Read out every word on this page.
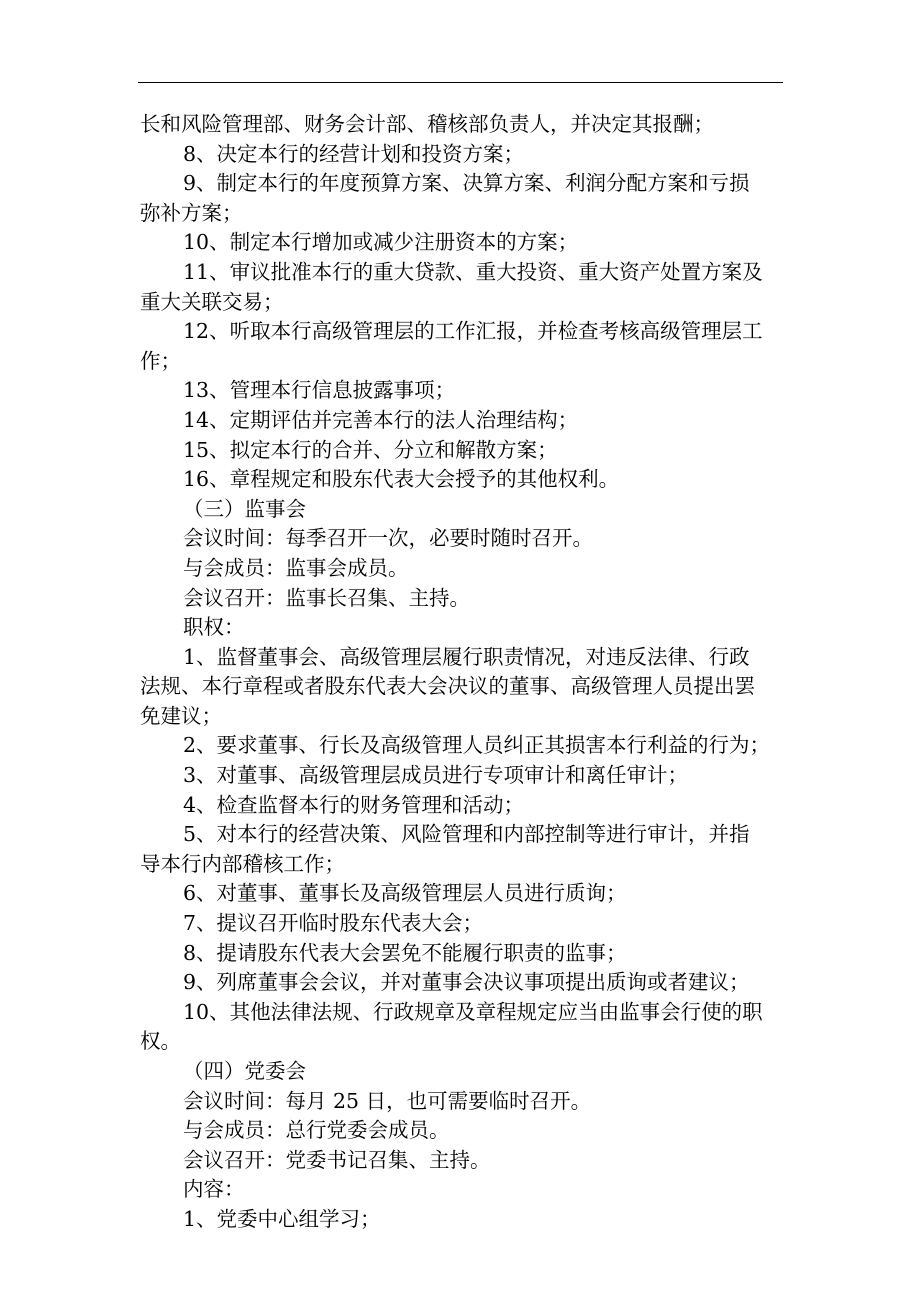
长和风险管理部、财务会计部、稽核部负责人，并决定其报酬；

8、决定本行的经营计划和投资方案；

9、制定本行的年度预算方案、决算方案、利润分配方案和亏损

弥补方案；

10、制定本行增加或减少注册资本的方案；

11、审议批准本行的重大贷款、重大投资、重大资产处置方案及

重大关联交易；

12、听取本行高级管理层的工作汇报，并检查考核高级管理层工

作；

13、管理本行信息披露事项；

14、定期评估并完善本行的法人治理结构；

15、拟定本行的合并、分立和解散方案；

16、章程规定和股东代表大会授予的其他权利。

（三）监事会

会议时间：每季召开一次，必要时随时召开。

与会成员：监事会成员。

会议召开：监事长召集、主持。

职权：

1、监督董事会、高级管理层履行职责情况，对违反法律、行政

法规、本行章程或者股东代表大会决议的董事、高级管理人员提出罢

免建议；

2、要求董事、行长及高级管理人员纠正其损害本行利益的行为；

3、对董事、高级管理层成员进行专项审计和离任审计；

4、检查监督本行的财务管理和活动；

5、对本行的经营决策、风险管理和内部控制等进行审计，并指

导本行内部稽核工作；

6、对董事、董事长及高级管理层人员进行质询；

7、提议召开临时股东代表大会；

8、提请股东代表大会罢免不能履行职责的监事；

9、列席董事会会议，并对董事会决议事项提出质询或者建议；

10、其他法律法规、行政规章及章程规定应当由监事会行使的职

权。

（四）党委会

会议时间：每月 25 日，也可需要临时召开。

与会成员：总行党委会成员。

会议召开：党委书记召集、主持。

内容：

1、党委中心组学习；
